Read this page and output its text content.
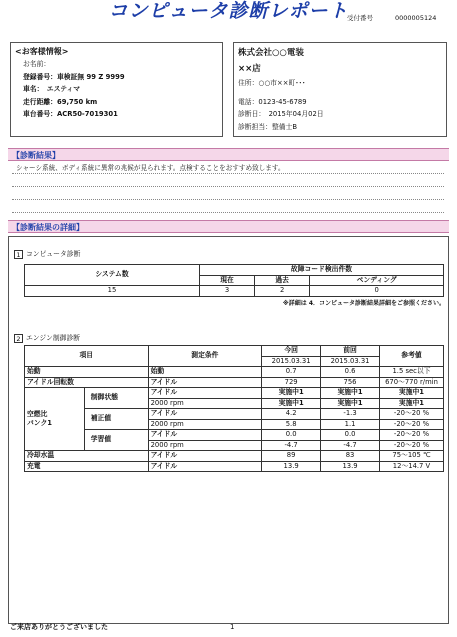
コンピュータ診断レポート
受付番号	0000005124
<お客様情報>
お名前：
登録番号：車検証無 99 Z 9999
車名：　エスティマ
走行距離：69,750 km
車台番号：ACR50-7019301
株式会社○○電装
××店
住所：○○市××町･･･
電話：0123-45-6789
診断日：　2015年04月02日
診断担当：整備士B
【診断結果】
シャーシ系統、ボディ系統に異常の兆候が見られます。点検することをおすすめ致します。
【診断結果の詳細】
1 コンピュータ診断
システム数	故障コード検出件数		
	現在	過去	ペンディング
15	3	2	0
※詳細は 4．コンピュータ診断結果詳細をご参照ください。
2 エンジン制御診断
項目		測定条件	今回	前回	参考値
			2015.03.31	2015.03.31	
始動		始動	0.7	0.6	1.5 sec以下
アイドル回転数		アイドル	729	756	670〜770 r/min
空燃比
バンク1	制御状態	アイドル	実施中1	実施中1	実施中1
		2000 rpm	実施中1	実施中1	実施中1
	補正値	アイドル	4.2	-1.3	-20〜20 %
		2000 rpm	5.8	1.1	-20〜20 %
	学習値	アイドル	0.0	0.0	-20〜20 %
		2000 rpm	-4.7	-4.7	-20〜20 %
冷却水温		アイドル	89	83	75〜105 ℃
充電		アイドル	13.9	13.9	12〜14.7 V
ご来店ありがとうございました	1
